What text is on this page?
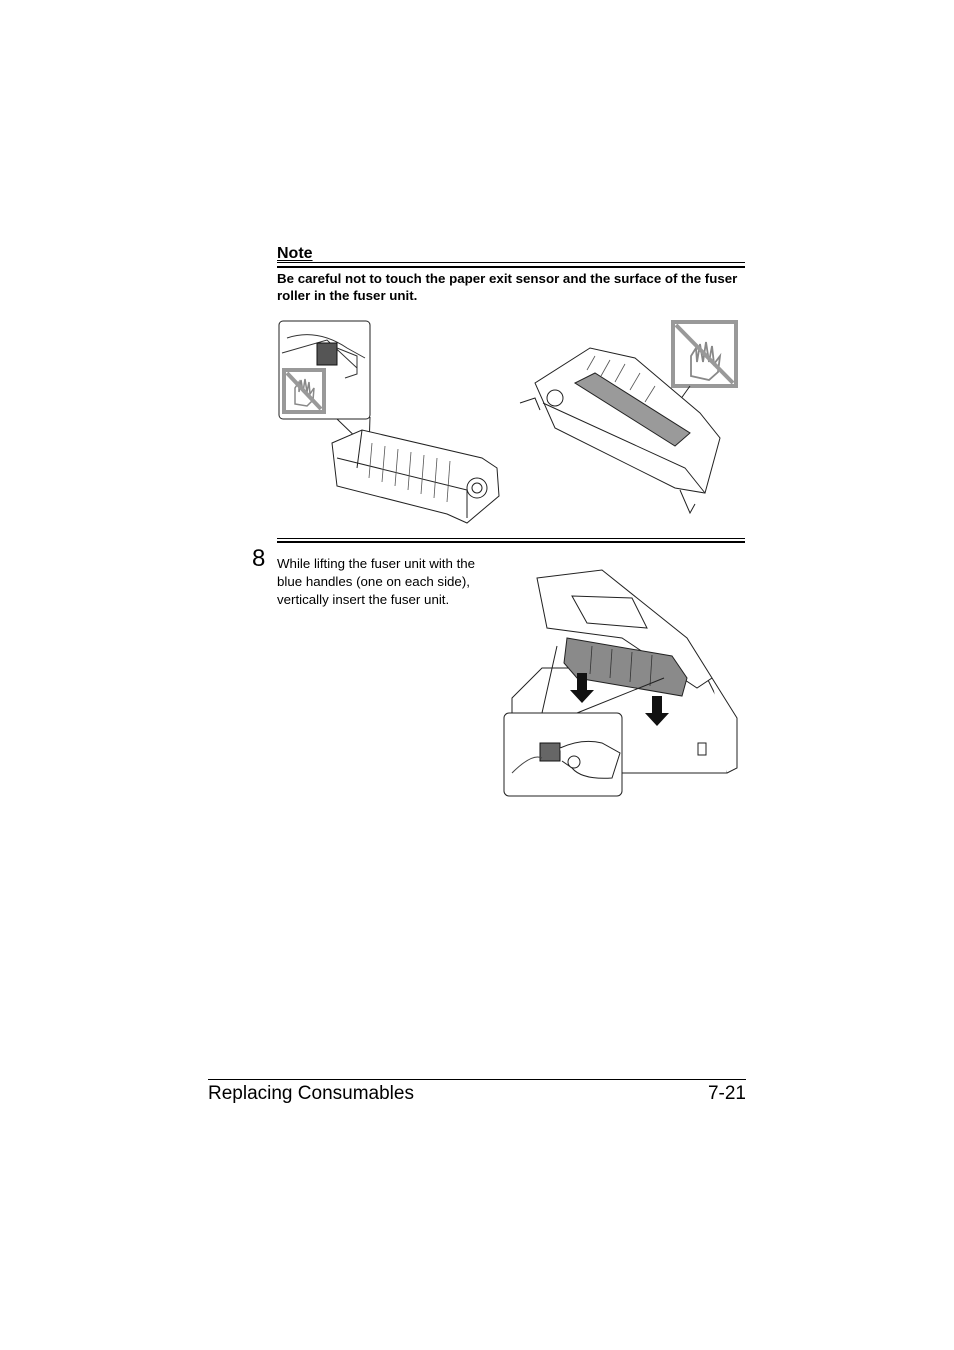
Note
Be careful not to touch the paper exit sensor and the surface of the fuser roller in the fuser unit.
8 While lifting the fuser unit with the blue handles (one on each side), vertically insert the fuser unit.
Replacing Consumables	7-21
